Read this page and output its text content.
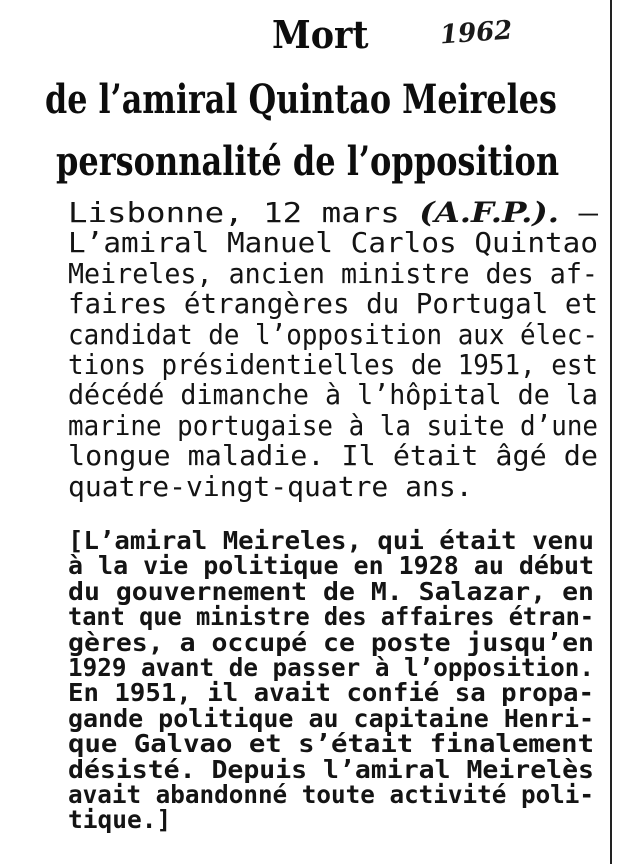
Mort	1962
de l’amiral Quintao Meireles
personnalité de l’opposition
Lisbonne, 12 mars (A.F.P.). —
L’amiral Manuel Carlos Quintao
Meireles, ancien ministre des af-
faires étrangères du Portugal et
candidat de l’opposition aux élec-
tions présidentielles de 1951, est
décédé dimanche à l’hôpital de la
marine portugaise à la suite d’une
longue maladie. Il était âgé de
quatre-vingt-quatre ans.
[L’amiral Meireles, qui était venu
à la vie politique en 1928 au début
du gouvernement de M. Salazar, en
tant que ministre des affaires étran-
gères, a occupé ce poste jusqu’en
1929 avant de passer à l’opposition.
En 1951, il avait confié sa propa-
gande politique au capitaine Henri-
que Galvao et s’était finalement
désisté. Depuis l’amiral Meirelès
avait abandonné toute activité poli-
tique.]
